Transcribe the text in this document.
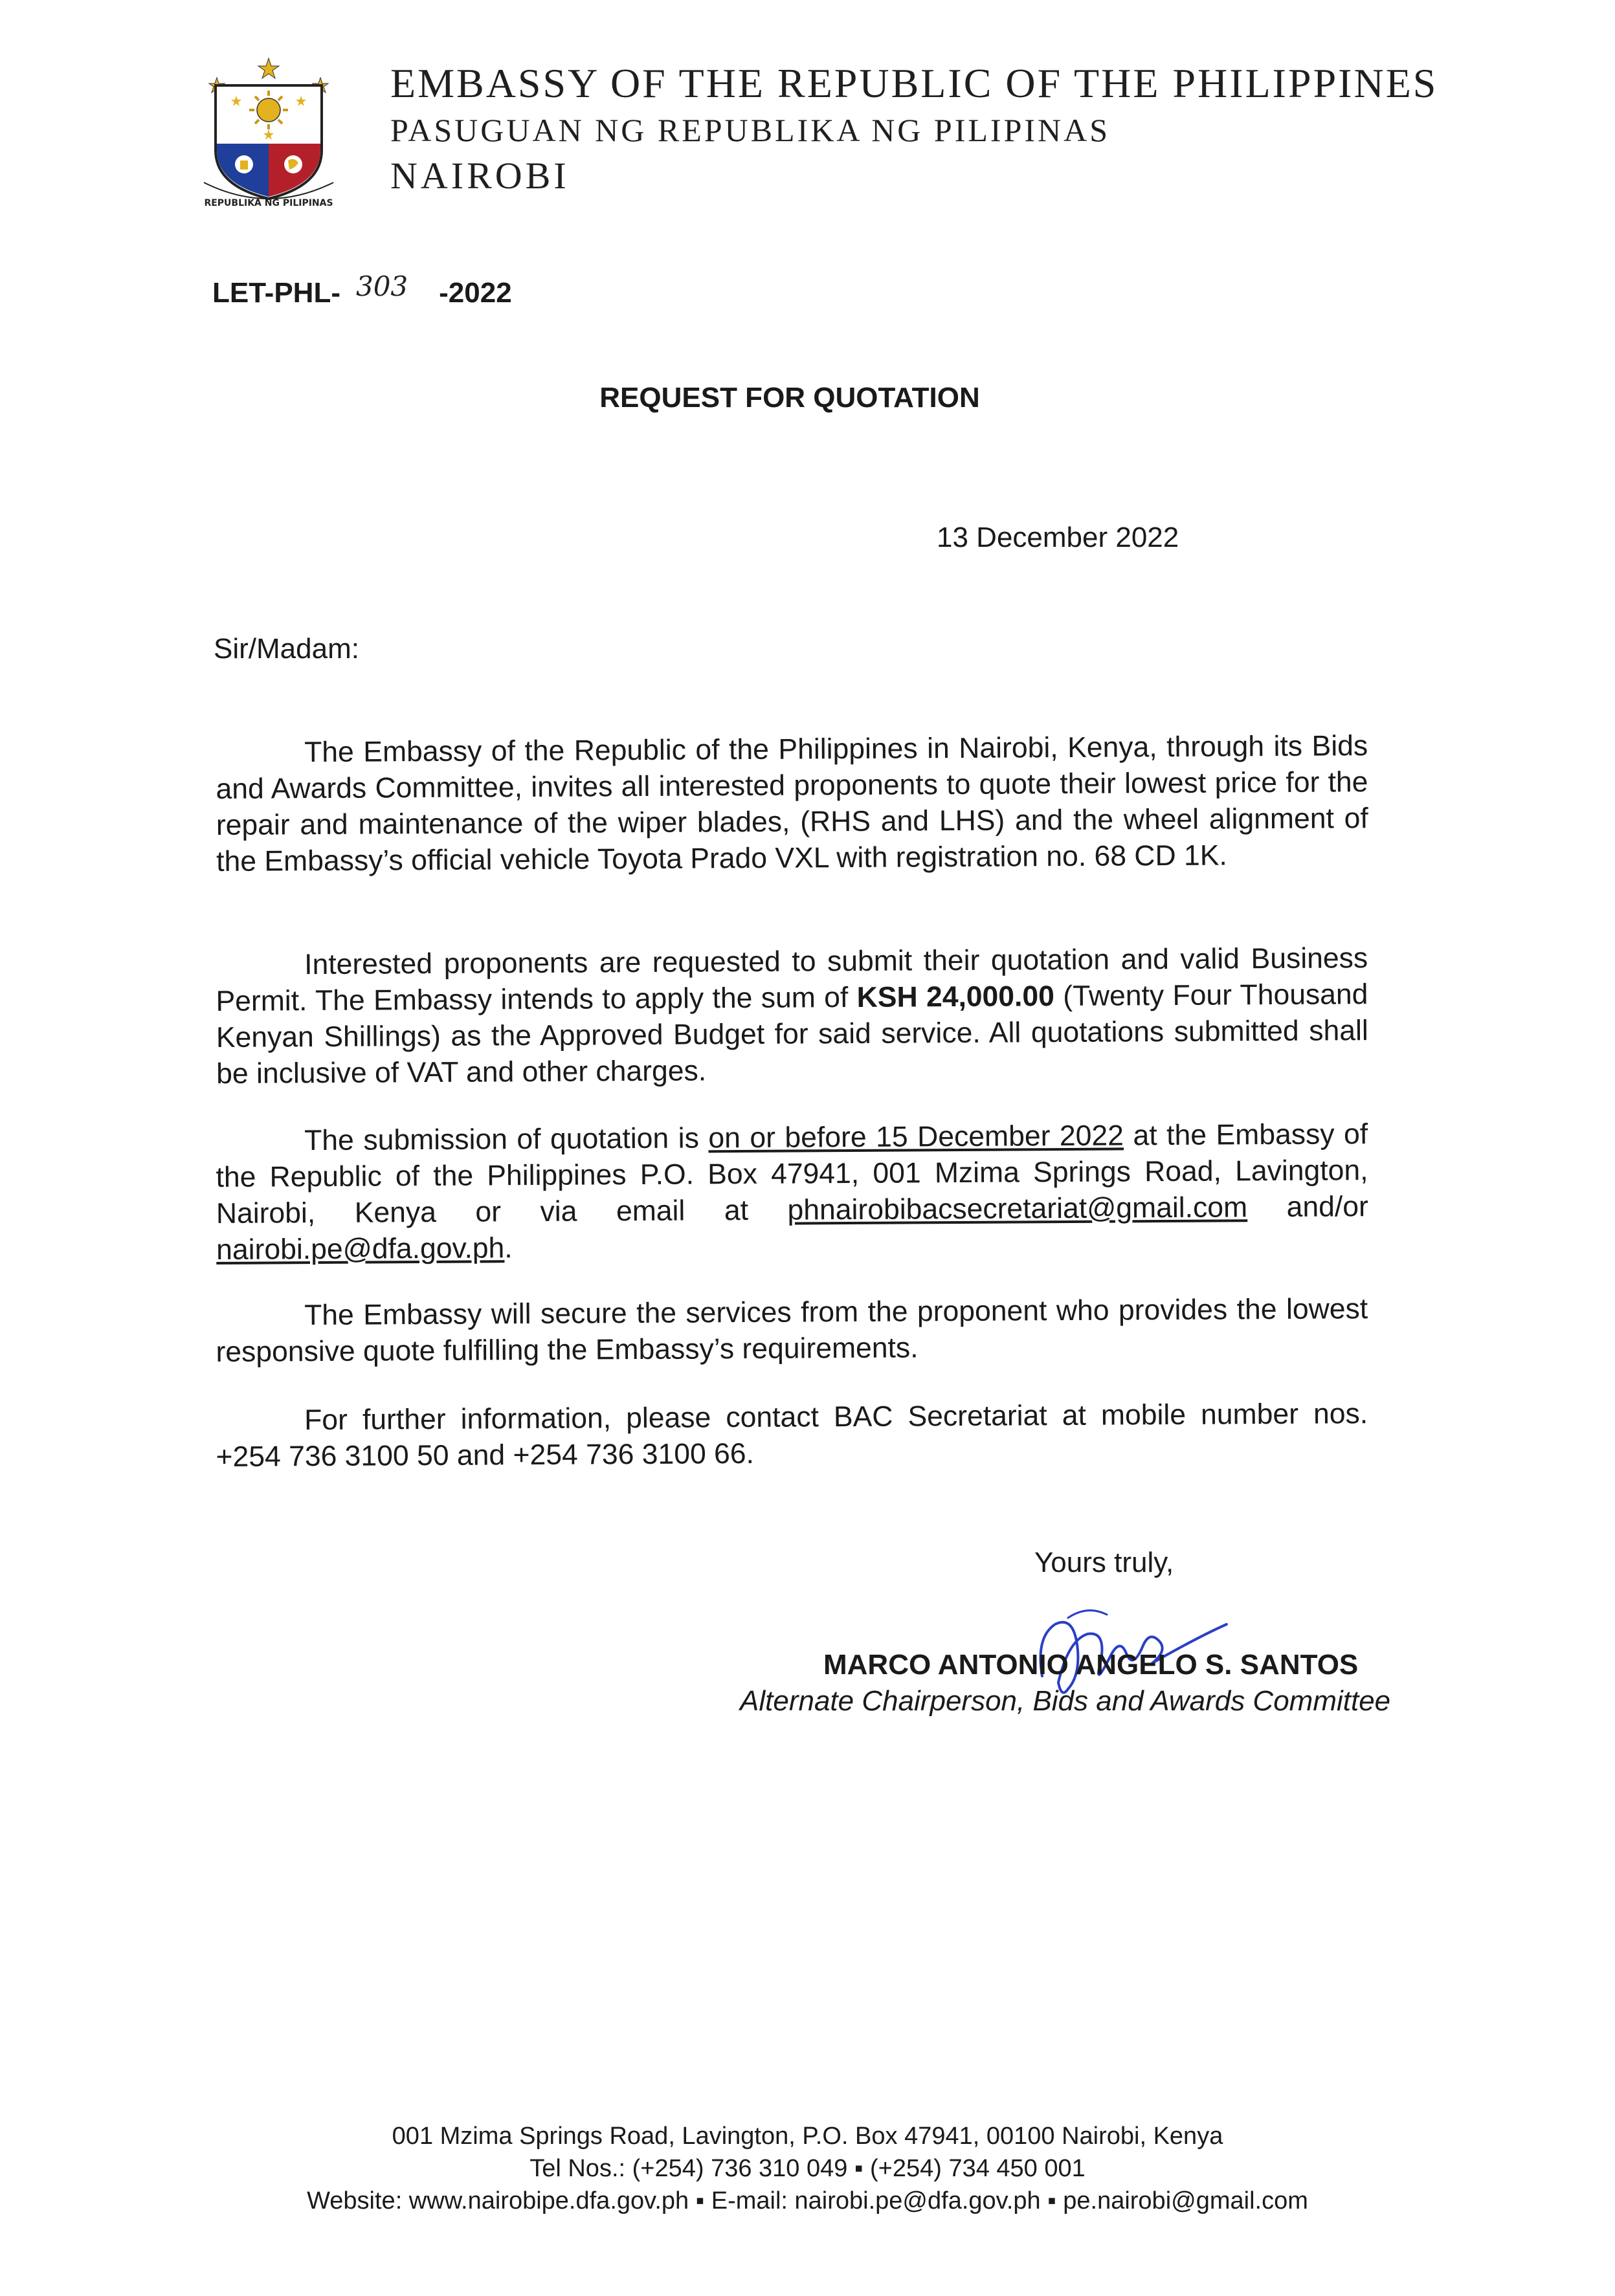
REPUBLIKA NG PILIPINAS
EMBASSY OF THE REPUBLIC OF THE PHILIPPINES
PASUGUAN NG REPUBLIKA NG PILIPINAS
NAIROBI
LET-PHL- 303 -2022
REQUEST FOR QUOTATION
13 December 2022
Sir/Madam:
The Embassy of the Republic of the Philippines in Nairobi, Kenya, through its Bids and Awards Committee, invites all interested proponents to quote their lowest price for the repair and maintenance of the wiper blades, (RHS and LHS) and the wheel alignment of the Embassy’s official vehicle Toyota Prado VXL with registration no. 68 CD 1K.
Interested proponents are requested to submit their quotation and valid Business Permit. The Embassy intends to apply the sum of KSH 24,000.00 (Twenty Four Thousand Kenyan Shillings) as the Approved Budget for said service. All quotations submitted shall be inclusive of VAT and other charges.
The submission of quotation is on or before 15 December 2022 at the Embassy of the Republic of the Philippines P.O. Box 47941, 001 Mzima Springs Road, Lavington, Nairobi, Kenya or via email at phnairobibacsecretariat@gmail.com and/or nairobi.pe@dfa.gov.ph.
The Embassy will secure the services from the proponent who provides the lowest responsive quote fulfilling the Embassy’s requirements.
For further information, please contact BAC Secretariat at mobile number nos. +254 736 3100 50 and +254 736 3100 66.
Yours truly,
MARCO ANTONIO ANGELO S. SANTOS
Alternate Chairperson, Bids and Awards Committee
001 Mzima Springs Road, Lavington, P.O. Box 47941, 00100 Nairobi, Kenya
Tel Nos.: (+254) 736 310 049 ▪ (+254) 734 450 001
Website: www.nairobipe.dfa.gov.ph ▪ E-mail: nairobi.pe@dfa.gov.ph ▪ pe.nairobi@gmail.com
